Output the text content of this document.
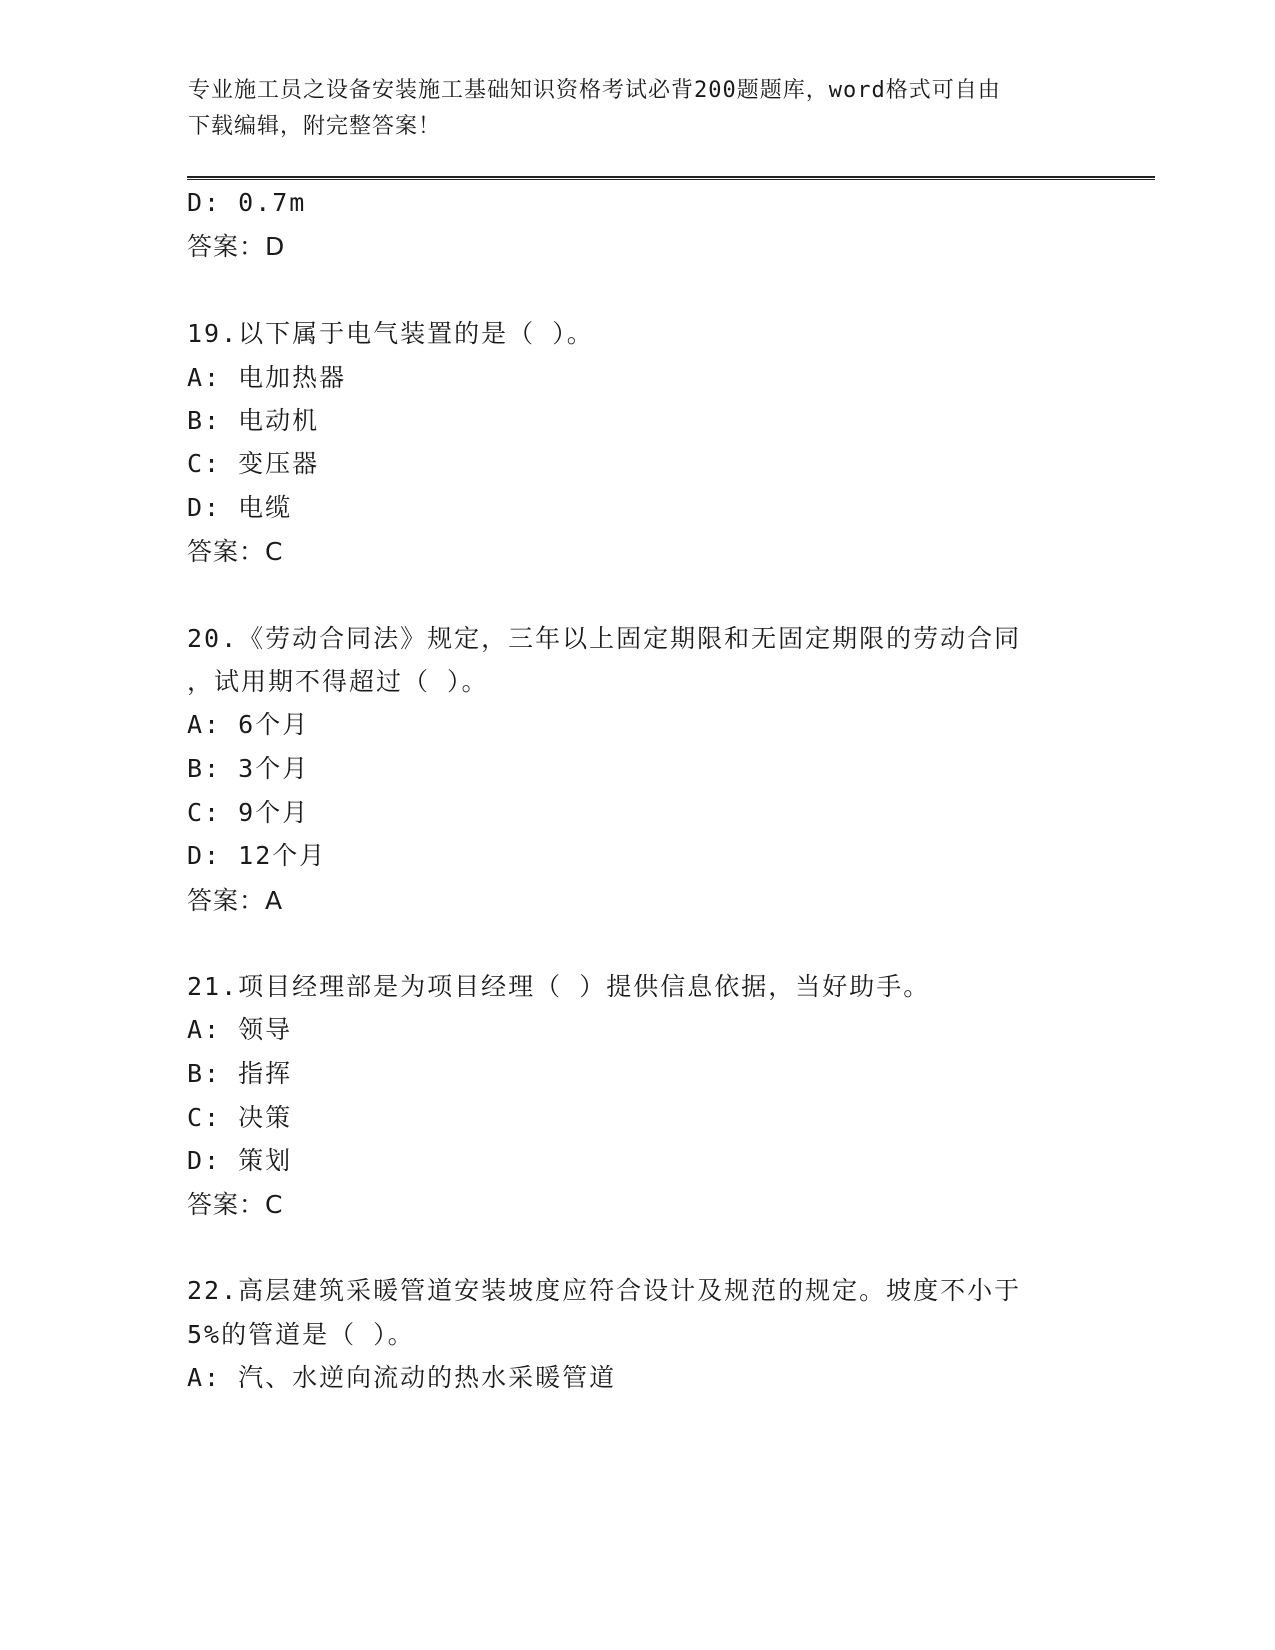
专业施工员之设备安装施工基础知识资格考试必背200题题库，word格式可自由
下载编辑，附完整答案！
D: 0.7m
答案：D
19.以下属于电气装置的是（ ）。
A: 电加热器
B: 电动机
C: 变压器
D: 电缆
答案：C
20.《劳动合同法》规定，三年以上固定期限和无固定期限的劳动合同
，试用期不得超过（ ）。
A: 6个月
B: 3个月
C: 9个月
D: 12个月
答案：A
21.项目经理部是为项目经理（ ）提供信息依据，当好助手。
A: 领导
B: 指挥
C: 决策
D: 策划
答案：C
22.高层建筑采暖管道安装坡度应符合设计及规范的规定。坡度不小于
5%的管道是（ ）。
A: 汽、水逆向流动的热水采暖管道
